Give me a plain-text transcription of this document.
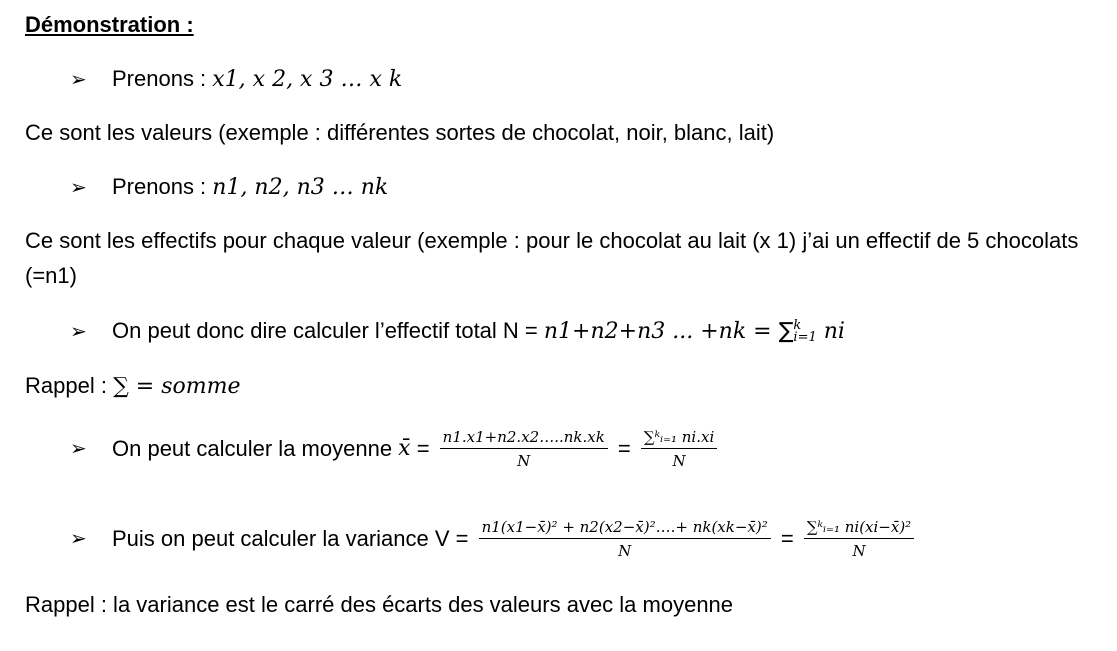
Démonstration :
➢ Prenons : x1, x 2, x 3 … x k
Ce sont les valeurs (exemple : différentes sortes de chocolat, noir, blanc, lait)
➢ Prenons : n1, n2, n3 … nk
Ce sont les effectifs pour chaque valeur (exemple : pour le chocolat au lait (x 1) j’ai un effectif de 5 chocolats (=n1)
➢ On peut donc dire calculer l’effectif total N = n1+n2+n3 ... +nk = ∑ k
i=1 ni
Rappel : ∑ = somme
➢ On peut calculer la moyenne x̄ = $\frac{n1.x1+n2.x2\dots..nk.xk}{N} = \frac{\text{∑ᵏᵢ₌₁ ni.xi}}{N}$
➢ Puis on peut calculer la variance $V = \frac{\text{n1(x1−x̄)² + n2(x2−x̄)²….+ nk(xk−x̄)²}}{N} = \frac{\text{∑ᵏᵢ₌₁ ni(xi−x̄)²}}{N}$
Rappel : la variance est le carré des écarts des valeurs avec la moyenne
